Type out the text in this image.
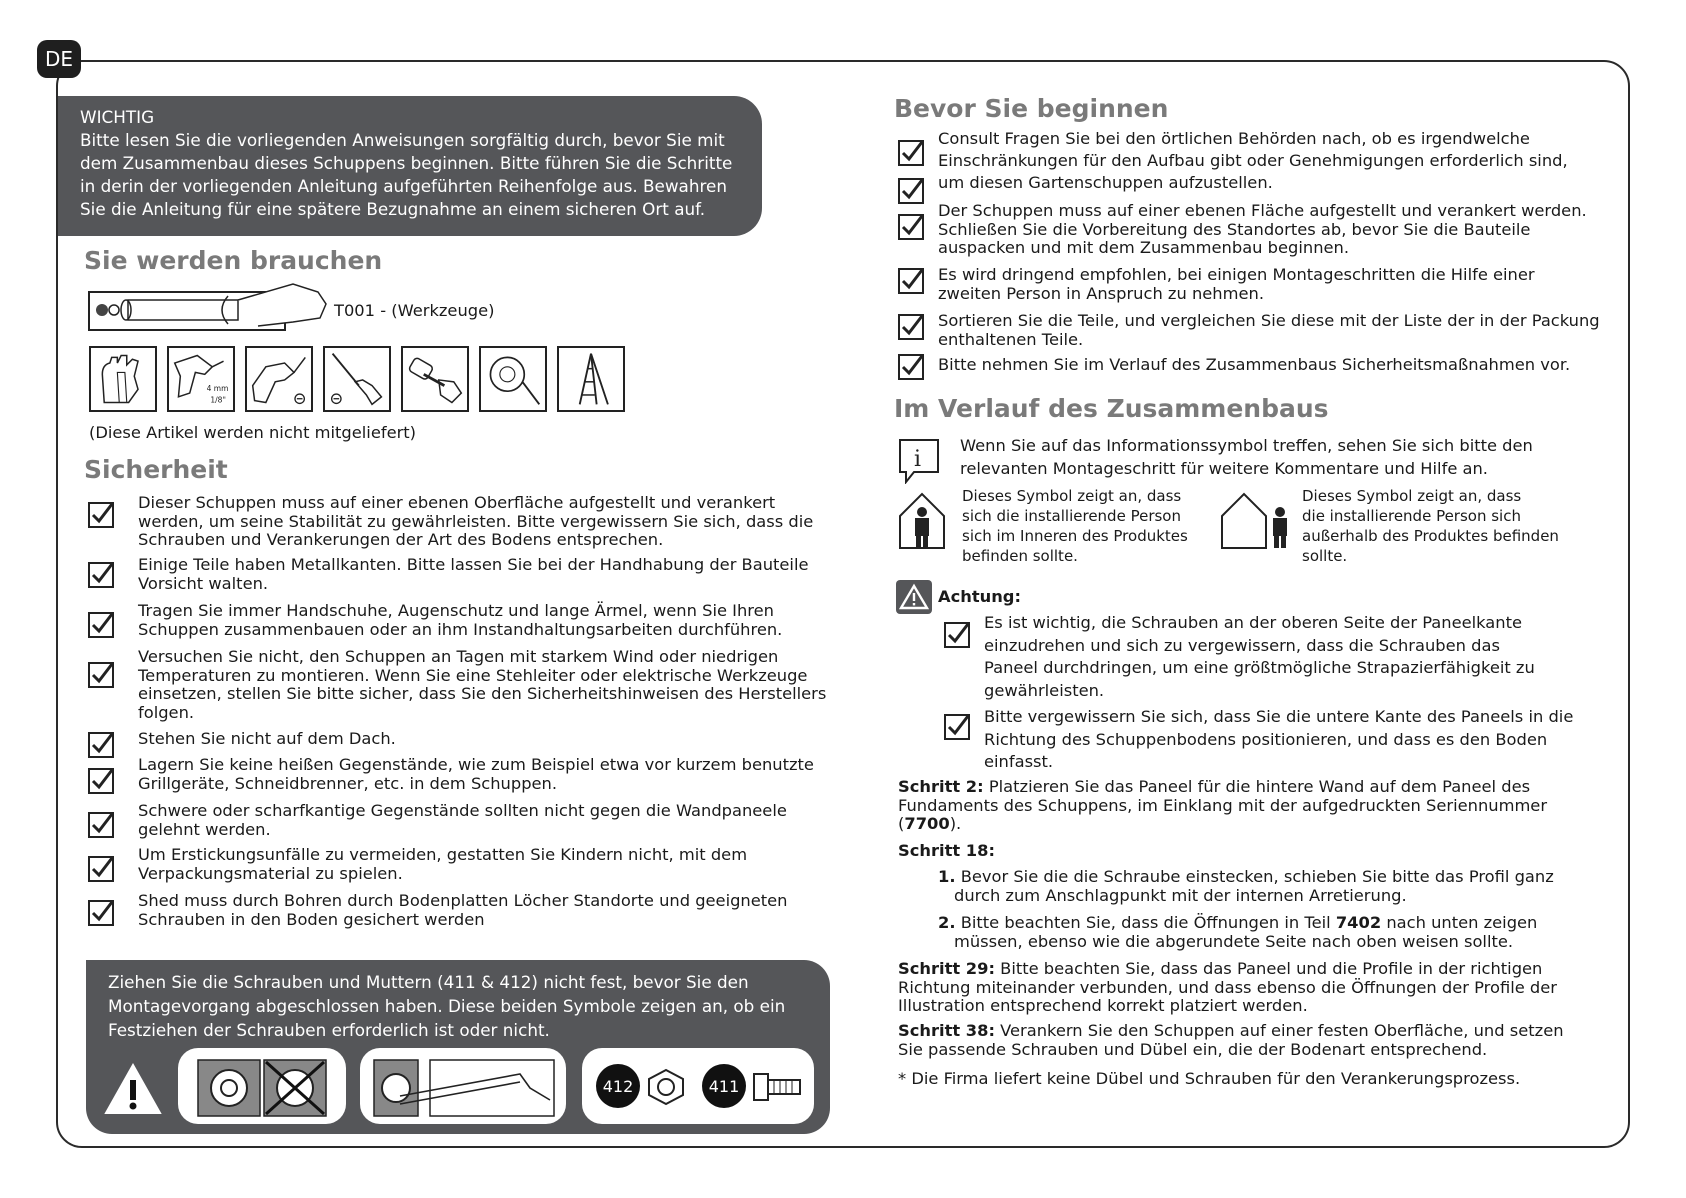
DE
WICHTIG
Bitte lesen Sie die vorliegenden Anweisungen sorgfältig durch, bevor Sie mit
dem Zusammenbau dieses Schuppens beginnen. Bitte führen Sie die Schritte
in derin der vorliegenden Anleitung aufgeführten Reihenfolge aus. Bewahren
Sie die Anleitung für eine spätere Bezugnahme an einem sicheren Ort auf.
Sie werden brauchen
T001 - (Werkzeuge)
4 mm
1/8"
(Diese Artikel werden nicht mitgeliefert)
Sicherheit
Dieser Schuppen muss auf einer ebenen Oberfläche aufgestellt und verankert
werden, um seine Stabilität zu gewährleisten. Bitte vergewissern Sie sich, dass die
Schrauben und Verankerungen der Art des Bodens entsprechen.
Einige Teile haben Metallkanten. Bitte lassen Sie bei der Handhabung der Bauteile
Vorsicht walten.
Tragen Sie immer Handschuhe, Augenschutz und lange Ärmel, wenn Sie Ihren
Schuppen zusammenbauen oder an ihm Instandhaltungsarbeiten durchführen.
Versuchen Sie nicht, den Schuppen an Tagen mit starkem Wind oder niedrigen
Temperaturen zu montieren. Wenn Sie eine Stehleiter oder elektrische Werkzeuge
einsetzen, stellen Sie bitte sicher, dass Sie den Sicherheitshinweisen des Herstellers
folgen.
Stehen Sie nicht auf dem Dach.
Lagern Sie keine heißen Gegenstände, wie zum Beispiel etwa vor kurzem benutzte
Grillgeräte, Schneidbrenner, etc. in dem Schuppen.
Schwere oder scharfkantige Gegenstände sollten nicht gegen die Wandpaneele
gelehnt werden.
Um Erstickungsunfälle zu vermeiden, gestatten Sie Kindern nicht, mit dem
Verpackungsmaterial zu spielen.
Shed muss durch Bohren durch Bodenplatten Löcher Standorte und geeigneten
Schrauben in den Boden gesichert werden
Ziehen Sie die Schrauben und Muttern (411 & 412) nicht fest, bevor Sie den
Montagevorgang abgeschlossen haben. Diese beiden Symbole zeigen an, ob ein
Festziehen der Schrauben erforderlich ist oder nicht.
412	411
Bevor Sie beginnen
Consult Fragen Sie bei den örtlichen Behörden nach, ob es irgendwelche
Einschränkungen für den Aufbau gibt oder Genehmigungen erforderlich sind,
um diesen Gartenschuppen aufzustellen.
Der Schuppen muss auf einer ebenen Fläche aufgestellt und verankert werden.
Schließen Sie die Vorbereitung des Standortes ab, bevor Sie die Bauteile
auspacken und mit dem Zusammenbau beginnen.
Es wird dringend empfohlen, bei einigen Montageschritten die Hilfe einer
zweiten Person in Anspruch zu nehmen.
Sortieren Sie die Teile, und vergleichen Sie diese mit der Liste der in der Packung
enthaltenen Teile.
Bitte nehmen Sie im Verlauf des Zusammenbaus Sicherheitsmaßnahmen vor.
Im Verlauf des Zusammenbaus
i
Wenn Sie auf das Informationssymbol treffen, sehen Sie sich bitte den
relevanten Montageschritt für weitere Kommentare und Hilfe an.
Dieses Symbol zeigt an, dass
sich die installierende Person
sich im Inneren des Produktes
befinden sollte.
Dieses Symbol zeigt an, dass
die installierende Person sich
außerhalb des Produktes befinden
sollte.
Achtung:
Es ist wichtig, die Schrauben an der oberen Seite der Paneelkante
einzudrehen und sich zu vergewissern, dass die Schrauben das
Paneel durchdringen, um eine größtmögliche Strapazierfähigkeit zu
gewährleisten.
Bitte vergewissern Sie sich, dass Sie die untere Kante des Paneels in die
Richtung des Schuppenbodens positionieren, und dass es den Boden
einfasst.
Schritt 2: Platzieren Sie das Paneel für die hintere Wand auf dem Paneel des
Fundaments des Schuppens, im Einklang mit der aufgedruckten Seriennummer
(7700).
Schritt 18:
1. Bevor Sie die die Schraube einstecken, schieben Sie bitte das Profil ganz
durch zum Anschlagpunkt mit der internen Arretierung.
2. Bitte beachten Sie, dass die Öffnungen in Teil 7402 nach unten zeigen
müssen, ebenso wie die abgerundete Seite nach oben weisen sollte.
Schritt 29: Bitte beachten Sie, dass das Paneel und die Profile in der richtigen
Richtung miteinander verbunden, und dass ebenso die Öffnungen der Profile der
Illustration entsprechend korrekt platziert werden.
Schritt 38: Verankern Sie den Schuppen auf einer festen Oberfläche, und setzen
Sie passende Schrauben und Dübel ein, die der Bodenart entsprechend.
* Die Firma liefert keine Dübel und Schrauben für den Verankerungsprozess.
